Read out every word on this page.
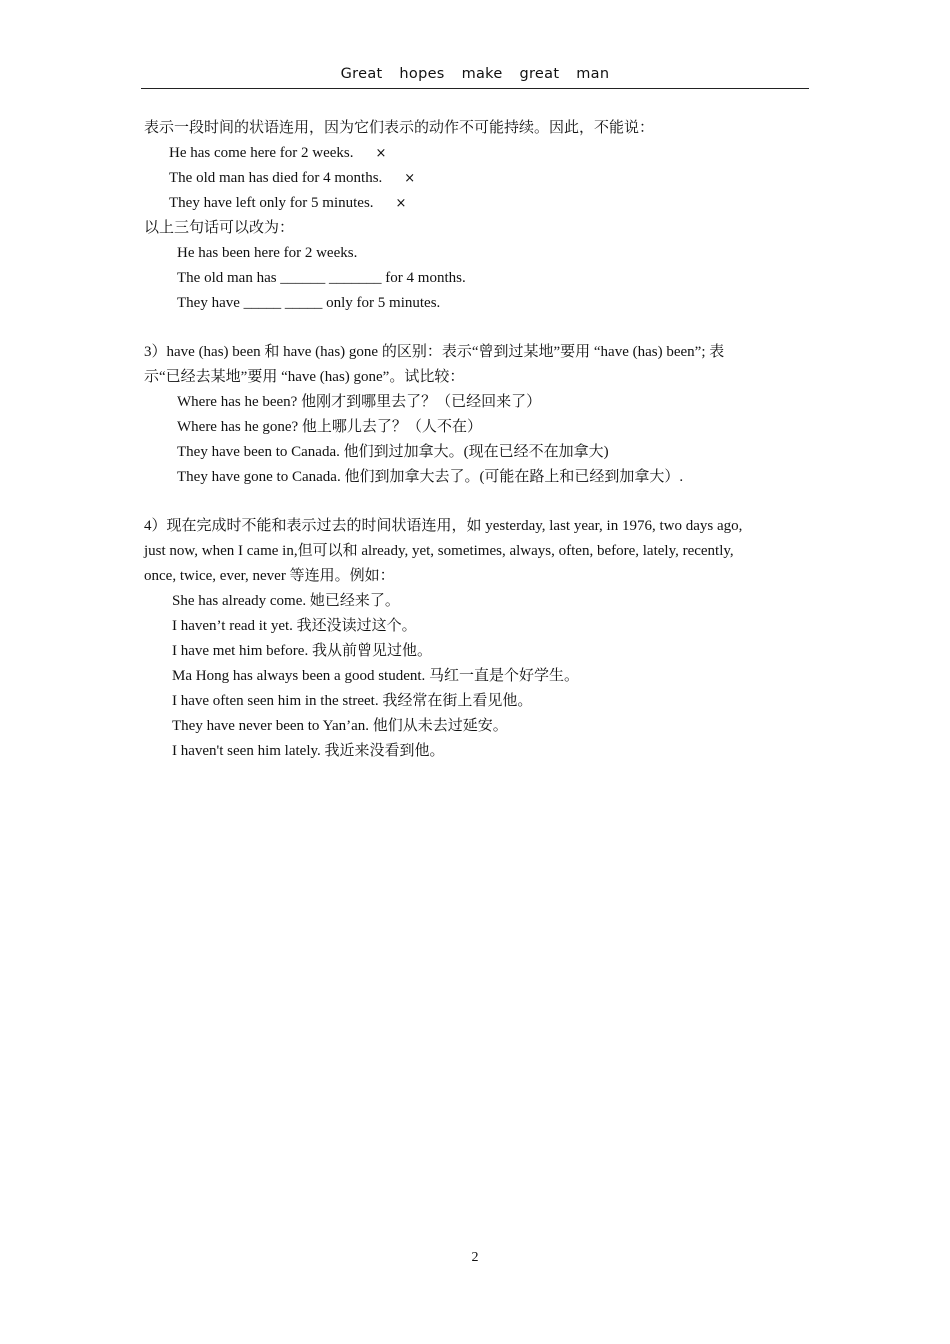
Great hopes make great man
表示一段时间的状语连用，因为它们表示的动作不可能持续。因此，不能说：
He has come here for 2 weeks. ×
The old man has died for 4 months. ×
They have left only for 5 minutes. ×
以上三句话可以改为：
He has been here for 2 weeks.
The old man has ______ _______ for 4 months.
They have _____ _____ only for 5 minutes.
3）have (has) been 和 have (has) gone 的区别：表示“曾到过某地”要用 “have (has) been”; 表
示“已经去某地”要用 “have (has) gone”。试比较：
Where has he been? 他刚才到哪里去了？（已经回来了）
Where has he gone? 他上哪儿去了？（人不在）
They have been to Canada. 他们到过加拿大。(现在已经不在加拿大)
They have gone to Canada. 他们到加拿大去了。(可能在路上和已经到加拿大）.
4）现在完成时不能和表示过去的时间状语连用，如 yesterday, last year, in 1976, two days ago,
just now, when I came in,但可以和 already, yet, sometimes, always, often, before, lately, recently,
once, twice, ever, never 等连用。例如：
She has already come. 她已经来了。
I haven’t read it yet. 我还没读过这个。
I have met him before. 我从前曾见过他。
Ma Hong has always been a good student. 马红一直是个好学生。
I have often seen him in the street. 我经常在街上看见他。
They have never been to Yan’an. 他们从未去过延安。
I haven't seen him lately. 我近来没看到他。
2
